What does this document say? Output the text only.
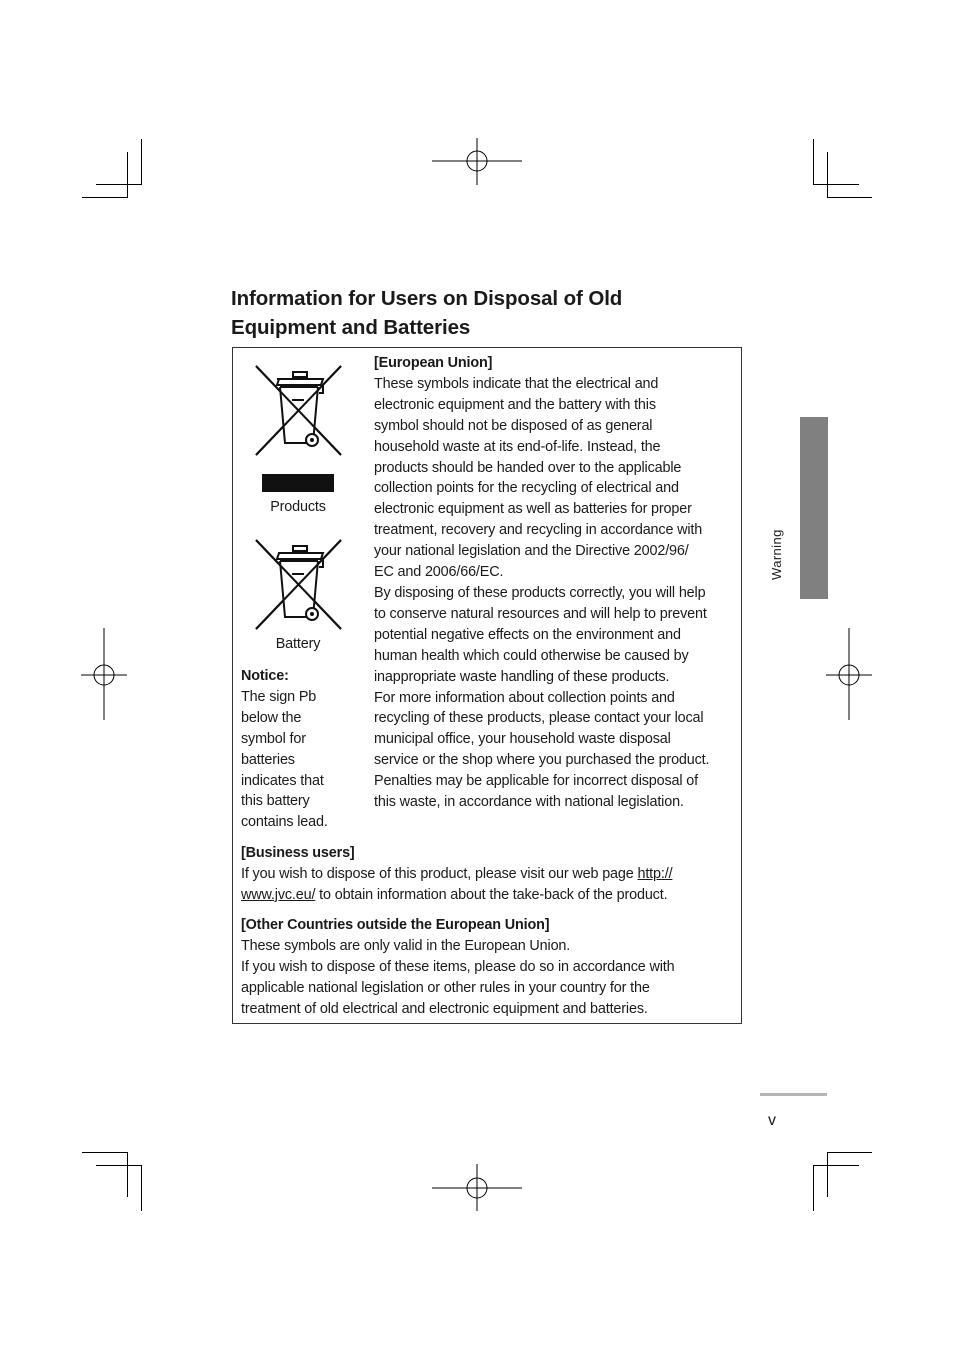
Information for Users on Disposal of Old
Equipment and Batteries
Products
Battery

Notice:

The sign Pb
below the
symbol for
batteries
indicates that
this battery
contains lead.

[European Union]

These symbols indicate that the electrical and
electronic equipment and the battery with this
symbol should not be disposed of as general
household waste at its end-of-life. Instead, the
products should be handed over to the applicable
collection points for the recycling of electrical and
electronic equipment as well as batteries for proper
treatment, recovery and recycling in accordance with
your national legislation and the Directive 2002/96/
EC and 2006/66/EC.
By disposing of these products correctly, you will help
to conserve natural resources and will help to prevent
potential negative effects on the environment and
human health which could otherwise be caused by
inappropriate waste handling of these products.
For more information about collection points and
recycling of these products, please contact your local
municipal office, your household waste disposal
service or the shop where you purchased the product.
Penalties may be applicable for incorrect disposal of
this waste, in accordance with national legislation.

[Business users]

If you wish to dispose of this product, please visit our web page http://
www.jvc.eu/ to obtain information about the take-back of the product.

[Other Countries outside the European Union]

These symbols are only valid in the European Union.
If you wish to dispose of these items, please do so in accordance with
applicable national legislation or other rules in your country for the
treatment of old electrical and electronic equipment and batteries.

Warning
v
